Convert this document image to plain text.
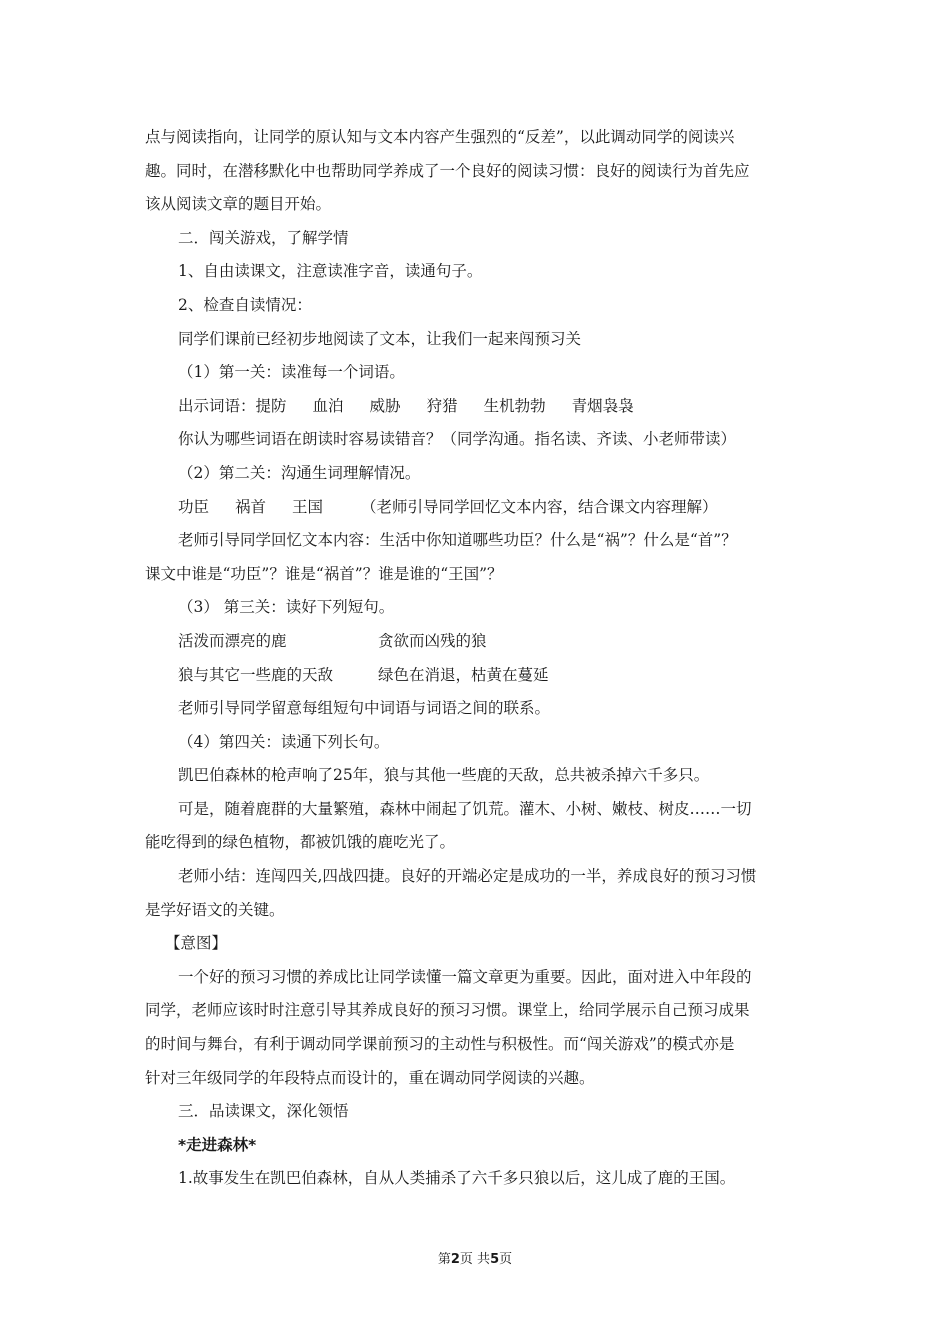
点与阅读指向，让同学的原认知与文本内容产生强烈的“反差”，以此调动同学的阅读兴
趣。同时，在潜移默化中也帮助同学养成了一个良好的阅读习惯：良好的阅读行为首先应
该从阅读文章的题目开始。
二．闯关游戏，了解学情
1、自由读课文，注意读准字音，读通句子。
2、检查自读情况：
同学们课前已经初步地阅读了文本，让我们一起来闯预习关
（1）第一关：读准每一个词语。
出示词语：提防 血泊 威胁 狩猎 生机勃勃 青烟袅袅
你认为哪些词语在朗读时容易读错音？（同学沟通。指名读、齐读、小老师带读）
（2）第二关：沟通生词理解情况。
功臣 祸首 王国 （老师引导同学回忆文本内容，结合课文内容理解）
老师引导同学回忆文本内容：生活中你知道哪些功臣？什么是“祸”？什么是“首”？
课文中谁是“功臣”？谁是“祸首”？谁是谁的“王国”？
（3） 第三关：读好下列短句。
活泼而漂亮的鹿	贪欲而凶残的狼
狼与其它一些鹿的天敌	绿色在消退，枯黄在蔓延
老师引导同学留意每组短句中词语与词语之间的联系。
（4）第四关：读通下列长句。
凯巴伯森林的枪声响了25年，狼与其他一些鹿的天敌，总共被杀掉六千多只。
可是，随着鹿群的大量繁殖，森林中闹起了饥荒。灌木、小树、嫩枝、树皮……一切
能吃得到的绿色植物，都被饥饿的鹿吃光了。
老师小结：连闯四关,四战四捷。良好的开端必定是成功的一半，养成良好的预习习惯
是学好语文的关键。
【意图】
一个好的预习习惯的养成比让同学读懂一篇文章更为重要。因此，面对进入中年段的
同学，老师应该时时注意引导其养成良好的预习习惯。课堂上，给同学展示自己预习成果
的时间与舞台，有利于调动同学课前预习的主动性与积极性。而“闯关游戏”的模式亦是
针对三年级同学的年段特点而设计的，重在调动同学阅读的兴趣。
三．品读课文，深化领悟
*走进森林*
1.故事发生在凯巴伯森林，自从人类捕杀了六千多只狼以后，这儿成了鹿的王国。
第2页 共5页
